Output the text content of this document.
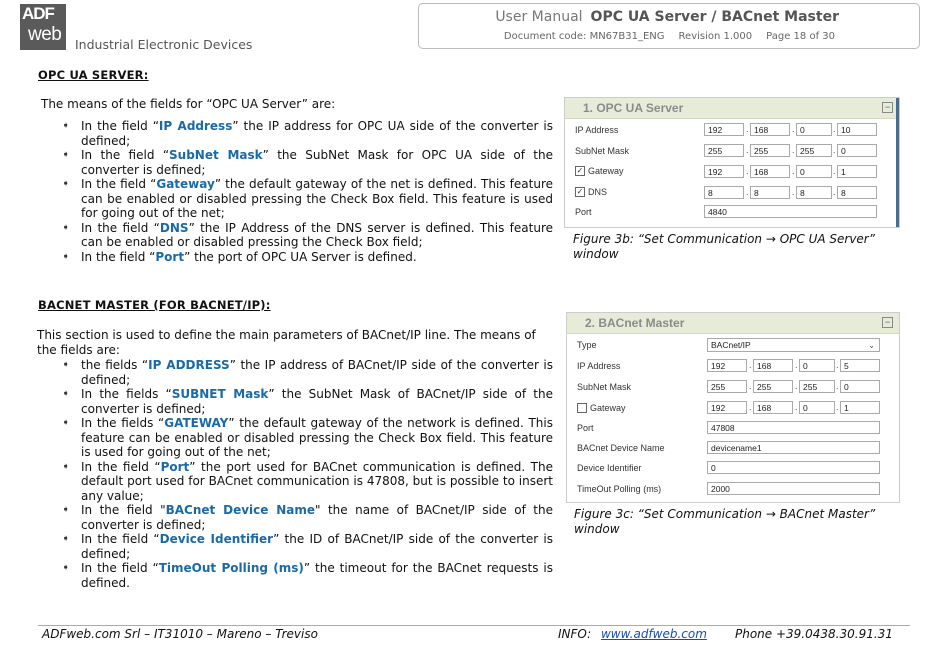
ADF
web Industrial Electronic Devices
User Manual OPC UA Server / BACnet Master
Document code: MN67B31_ENG Revision 1.000 Page 18 of 30
OPC UA SERVER:
The means of the fields for “OPC UA Server” are:
➧ In the field “IP Address” the IP address for OPC UA side of the converter is defined;
➧ In the field “SubNet Mask” the SubNet Mask for OPC UA side of the converter is defined;
➧ In the field “Gateway” the default gateway of the net is defined. This feature can be enabled or disabled pressing the Check Box field. This feature is used for going out of the net;
➧ In the field “DNS” the IP Address of the DNS server is defined. This feature can be enabled or disabled pressing the Check Box field;
➧ In the field “Port” the port of OPC UA Server is defined.
BACNET MASTER (FOR BACNET/IP):
This section is used to define the main parameters of BACnet/IP line. The means of the fields are:
➧ the fields “IP ADDRESS” the IP address of BACnet/IP side of the converter is defined;
➧ In the fields “SUBNET Mask” the SubNet Mask of BACnet/IP side of the converter is defined;
➧ In the fields “GATEWAY” the default gateway of the network is defined. This feature can be enabled or disabled pressing the Check Box field. This feature is used for going out of the net;
➧ In the field “Port” the port used for BACnet communication is defined. The default port used for BACnet communication is 47808, but is possible to insert any value;
➧ In the field "BACnet Device Name" the name of BACnet/IP side of the converter is defined;
➧ In the field “Device Identifier” the ID of BACnet/IP side of the converter is defined;
➧ In the field “TimeOut Polling (ms)” the timeout for the BACnet requests is defined.
1. OPC UA Server	−
IP Address	192	. 168	. 0	. 10
SubNet Mask	255	. 255	. 255	. 0
✓ Gateway	192	. 168	. 0	. 1
✓ DNS	8	. 8	. 8	. 8
Port	4840
Figure 3b: “Set Communication → OPC UA Server” window
2. BACnet Master	−
Type	BACnet/IP	⌄
IP Address	192	. 168	. 0	. 5
SubNet Mask	255	. 255	. 255	. 0
Gateway	192	. 168	. 0	. 1
Port	47808
BACnet Device Name	devicename1
Device Identifier	0
TimeOut Polling (ms)	2000
Figure 3c: “Set Communication → BACnet Master” window
ADFweb.com Srl – IT31010 – Mareno – Treviso	INFO: www.adfweb.com Phone +39.0438.30.91.31
